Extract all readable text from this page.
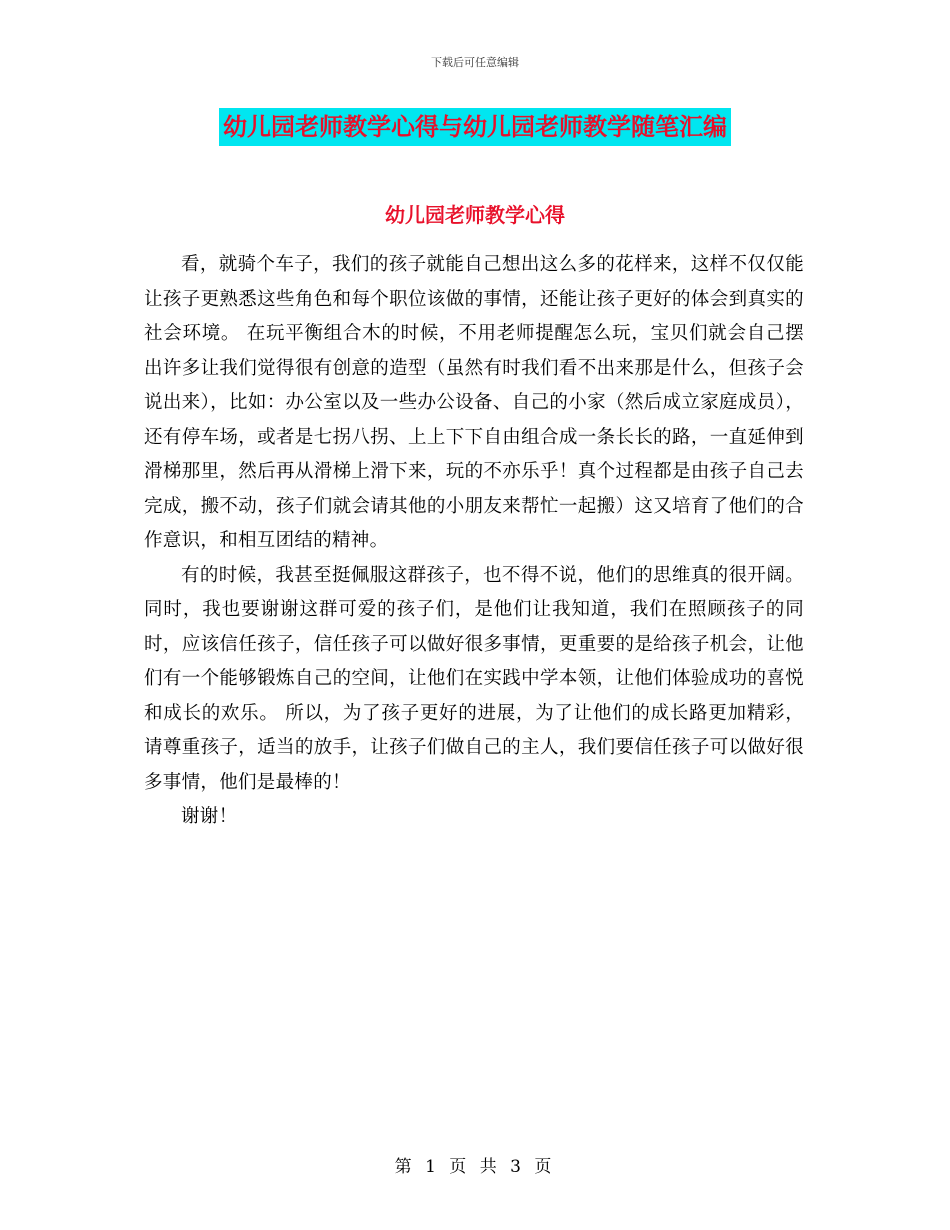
下载后可任意编辑
幼儿园老师教学心得与幼儿园老师教学随笔汇编
幼儿园老师教学心得

看，就骑个车子，我们的孩子就能自己想出这么多的花样来，这样不仅仅能让孩子更熟悉这些角色和每个职位该做的事情，还能让孩子更好的体会到真实的社会环境。 在玩平衡组合木的时候，不用老师提醒怎么玩，宝贝们就会自己摆出许多让我们觉得很有创意的造型（虽然有时我们看不出来那是什么，但孩子会说出来），比如：办公室以及一些办公设备、自己的小家（然后成立家庭成员），还有停车场，或者是七拐八拐、上上下下自由组合成一条长长的路，一直延伸到滑梯那里，然后再从滑梯上滑下来，玩的不亦乐乎！真个过程都是由孩子自己去完成，搬不动，孩子们就会请其他的小朋友来帮忙一起搬）这又培育了他们的合作意识，和相互团结的精神。

有的时候，我甚至挺佩服这群孩子，也不得不说，他们的思维真的很开阔。同时，我也要谢谢这群可爱的孩子们，是他们让我知道，我们在照顾孩子的同时，应该信任孩子，信任孩子可以做好很多事情，更重要的是给孩子机会，让他们有一个能够锻炼自己的空间，让他们在实践中学本领，让他们体验成功的喜悦和成长的欢乐。 所以，为了孩子更好的进展，为了让他们的成长路更加精彩，请尊重孩子，适当的放手，让孩子们做自己的主人，我们要信任孩子可以做好很多事情，他们是最棒的！

谢谢！

第 1 页 共 3 页
